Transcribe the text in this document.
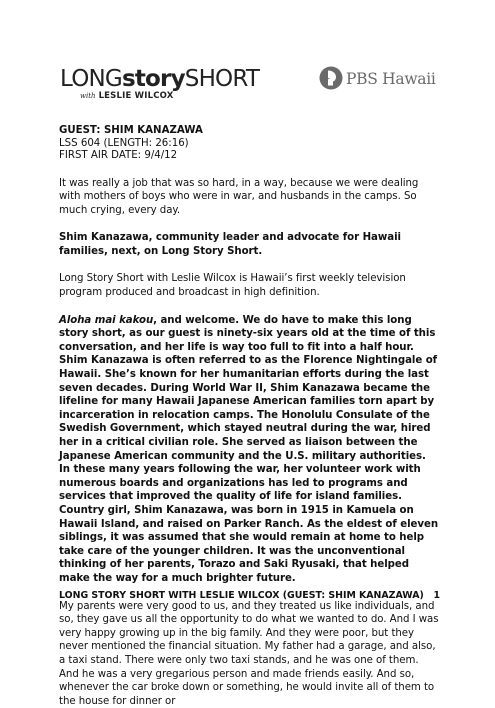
LONGstorySHORT
with LESLIE WILCOX
PBS Hawaii
GUEST: SHIM KANAZAWA
LSS 604 (LENGTH: 26:16)
FIRST AIR DATE: 9/4/12

It was really a job that was so hard, in a way, because we were dealing with mothers of boys who were in war, and husbands in the camps. So much crying, every day.

Shim Kanazawa, community leader and advocate for Hawaii families, next, on Long Story Short.

Long Story Short with Leslie Wilcox is Hawaii’s first weekly television program produced and broadcast in high definition.

Aloha mai kakou, and welcome. We do have to make this long story short, as our guest is ninety-six years old at the time of this conversation, and her life is way too full to fit into a half hour. Shim Kanazawa is often referred to as the Florence Nightingale of Hawaii. She’s known for her humanitarian efforts during the last seven decades. During World War II, Shim Kanazawa became the lifeline for many Hawaii Japanese American families torn apart by incarceration in relocation camps. The Honolulu Consulate of the Swedish Government, which stayed neutral during the war, hired her in a critical civilian role. She served as liaison between the Japanese American community and the U.S. military authorities. In these many years following the war, her volunteer work with numerous boards and organizations has led to programs and services that improved the quality of life for island families. Country girl, Shim Kanazawa, was born in 1915 in Kamuela on Hawaii Island, and raised on Parker Ranch. As the eldest of eleven siblings, it was assumed that she would remain at home to help take care of the younger children. It was the unconventional thinking of her parents, Torazo and Saki Ryusaki, that helped make the way for a much brighter future.

My parents were very good to us, and they treated us like individuals, and so, they gave us all the opportunity to do what we wanted to do. And I was very happy growing up in the big family. And they were poor, but they never mentioned the financial situation. My father had a garage, and also, a taxi stand. There were only two taxi stands, and he was one of them. And he was a very gregarious person and made friends easily. And so, whenever the car broke down or something, he would invite all of them to the house for dinner or

LONG STORY SHORT WITH LESLIE WILCOX (GUEST: SHIM KANAZAWA) 1
